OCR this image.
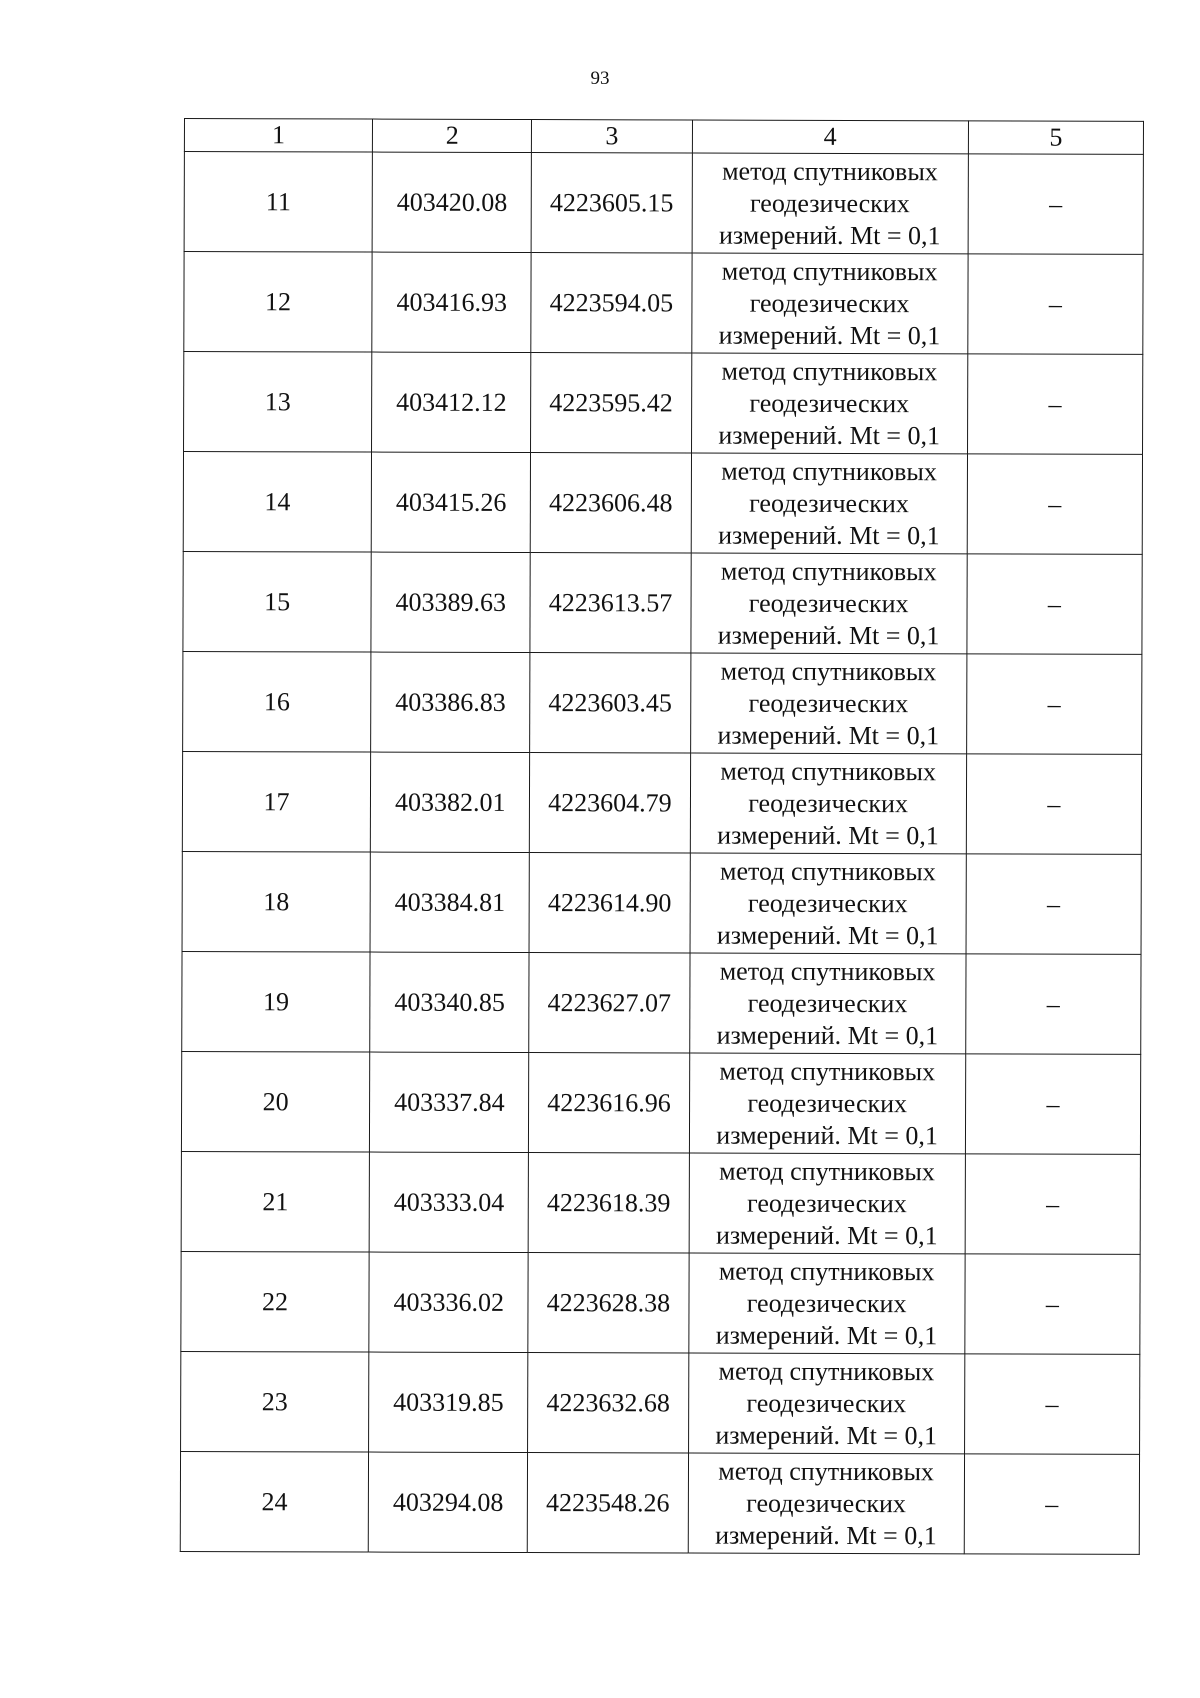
93
1	2	3	4	5
11	403420.08	4223605.15	метод спутниковых
геодезических
измерений. Mt = 0,1	–
12	403416.93	4223594.05	метод спутниковых
геодезических
измерений. Mt = 0,1	–
13	403412.12	4223595.42	метод спутниковых
геодезических
измерений. Mt = 0,1	–
14	403415.26	4223606.48	метод спутниковых
геодезических
измерений. Mt = 0,1	–
15	403389.63	4223613.57	метод спутниковых
геодезических
измерений. Mt = 0,1	–
16	403386.83	4223603.45	метод спутниковых
геодезических
измерений. Mt = 0,1	–
17	403382.01	4223604.79	метод спутниковых
геодезических
измерений. Mt = 0,1	–
18	403384.81	4223614.90	метод спутниковых
геодезических
измерений. Mt = 0,1	–
19	403340.85	4223627.07	метод спутниковых
геодезических
измерений. Mt = 0,1	–
20	403337.84	4223616.96	метод спутниковых
геодезических
измерений. Mt = 0,1	–
21	403333.04	4223618.39	метод спутниковых
геодезических
измерений. Mt = 0,1	–
22	403336.02	4223628.38	метод спутниковых
геодезических
измерений. Mt = 0,1	–
23	403319.85	4223632.68	метод спутниковых
геодезических
измерений. Mt = 0,1	–
24	403294.08	4223548.26	метод спутниковых
геодезических
измерений. Mt = 0,1	–
